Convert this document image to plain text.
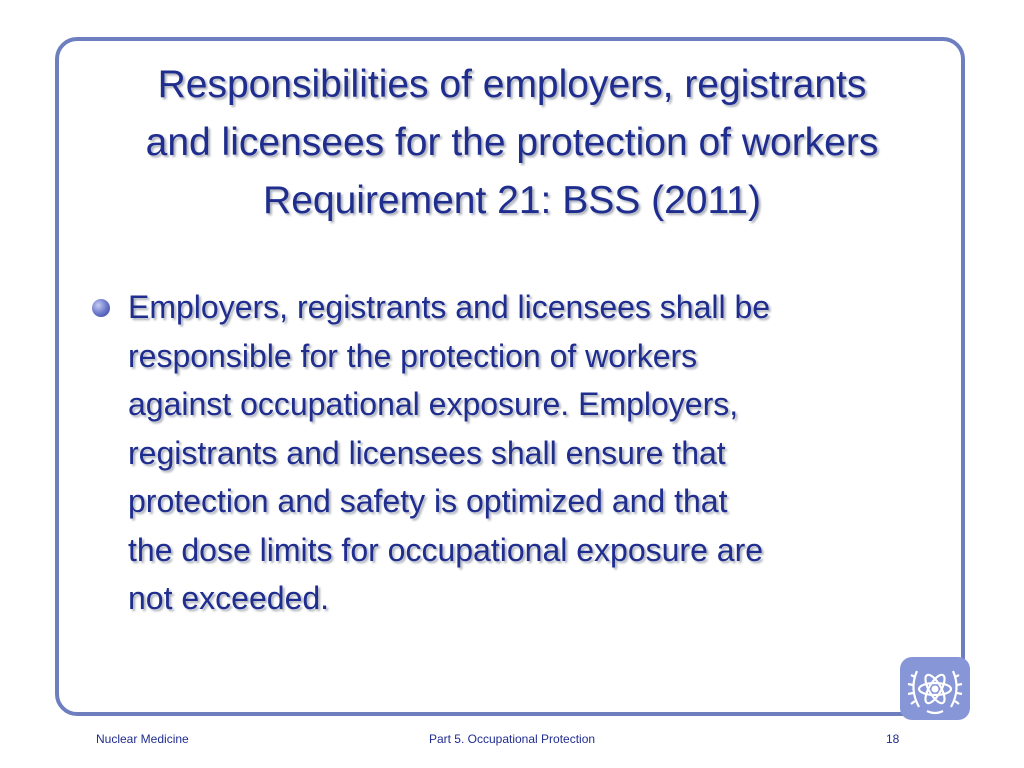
Responsibilities of employers, registrants
and licensees for the protection of workers
Requirement 21: BSS (2011)
Employers, registrants and licensees shall be
responsible for the protection of workers
against occupational exposure. Employers,
registrants and licensees shall ensure that
protection and safety is optimized and that
the dose limits for occupational exposure are
not exceeded.
Nuclear Medicine	Part 5. Occupational Protection	18
